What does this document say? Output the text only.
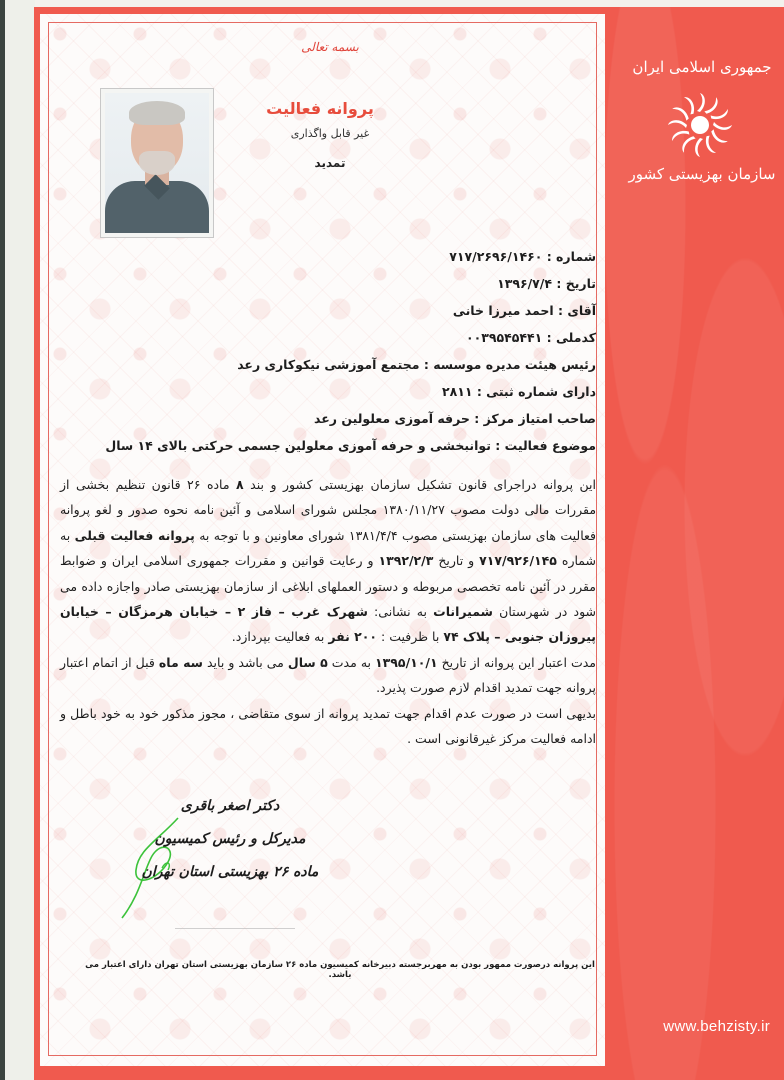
جمهوری اسلامی ایران
سازمان بهزیستی کشور
www.behzisty.ir
بسمه تعالی
پروانه فعالیت
غیر قابل واگذاری
تمدید
شماره : ۷۱۷/۲۶۹۶/۱۴۶۰
تاریخ : ۱۳۹۶/۷/۴
آقای : احمد میرزا خانی
کدملی : ۰۰۳۹۵۴۵۴۴۱
رئیس هیئت مدیره موسسه : مجتمع آموزشی نیکوکاری رعد
دارای شماره ثبتی : ۲۸۱۱
صاحب امتیاز مرکز : حرفه آموزی معلولین رعد
موضوع فعالیت : توانبخشی و حرفه آموزی معلولین جسمی حرکتی بالای ۱۴ سال

این پروانه دراجرای قانون تشکیل سازمان بهزیستی کشور و بند ۸ ماده ۲۶ قانون تنظیم بخشی از مقررات مالی دولت مصوب ۱۳۸۰/۱۱/۲۷ مجلس شورای اسلامی و آئین نامه نحوه صدور و لغو پروانه فعالیت های سازمان بهزیستی مصوب ۱۳۸۱/۴/۴ شورای معاونین و با توجه به پروانه فعالیت قبلی به شماره ۷۱۷/۹۲۶/۱۴۵ و تاریخ ۱۳۹۲/۲/۳ و رعایت قوانین و مقررات جمهوری اسلامی ایران و ضوابط مقرر در آئین نامه تخصصی مربوطه و دستور العملهای ابلاغی از سازمان بهزیستی صادر واجازه داده می شود در شهرستان شمیرانات به نشانی: شهرک غرب – فاز ۲ – خیابان هرمزگان – خیابان پیروزان جنوبی – پلاک ۷۴ با ظرفیت : ۲۰۰ نفر به فعالیت بپردازد.

مدت اعتبار این پروانه از تاریخ ۱۳۹۵/۱۰/۱ به مدت ۵ سال می باشد و باید سه ماه قبل از اتمام اعتبار پروانه جهت تمدید اقدام لازم صورت پذیرد.

بدیهی است در صورت عدم اقدام جهت تمدید پروانه از سوی متقاضی ، مجوز مذکور خود به خود باطل و ادامه فعالیت مرکز غیرقانونی است .

دکتر اصغر باقری
مدیرکل و رئیس کمیسیون
ماده ۲۶ بهزیستی استان تهران
این پروانه درصورت ممهور بودن به مهربرجسته دبیرخانه کمیسیون ماده ۲۶ سازمان بهزیستی استان تهران دارای اعتبار می باشد.
